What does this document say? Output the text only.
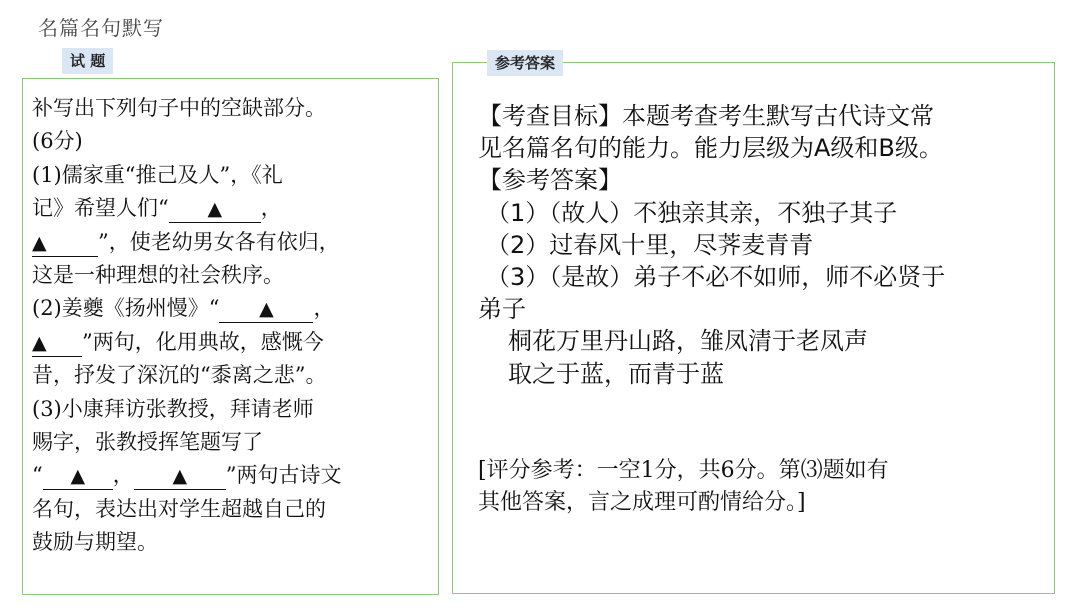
名篇名句默写
试 题
补写出下列句子中的空缺部分。
(6分)
(1)儒家重“推己及人”，《礼
记》希望人们“ ▲ ，
▲ ”，使老幼男女各有依归，
这是一种理想的社会秩序。
(2)姜夔《扬州慢》“ ▲ ，
▲ ”两句，化用典故，感慨今
昔，抒发了深沉的“黍离之悲”。
(3)小康拜访张教授，拜请老师
赐字，张教授挥笔题写了
“ ▲ ， ▲ ”两句古诗文
名句，表达出对学生超越自己的
鼓励与期望。
参考答案
【考查目标】本题考查考生默写古代诗文常
见名篇名句的能力。能力层级为A级和B级。
【参考答案】
（1）（故人）不独亲其亲，不独子其子
（2）过春风十里，尽荠麦青青
（3）（是故）弟子不必不如师，师不必贤于
弟子
桐花万里丹山路，雏凤清于老凤声
取之于蓝，而青于蓝
[评分参考：一空1分，共6分。第⑶题如有
其他答案，言之成理可酌情给分。]
